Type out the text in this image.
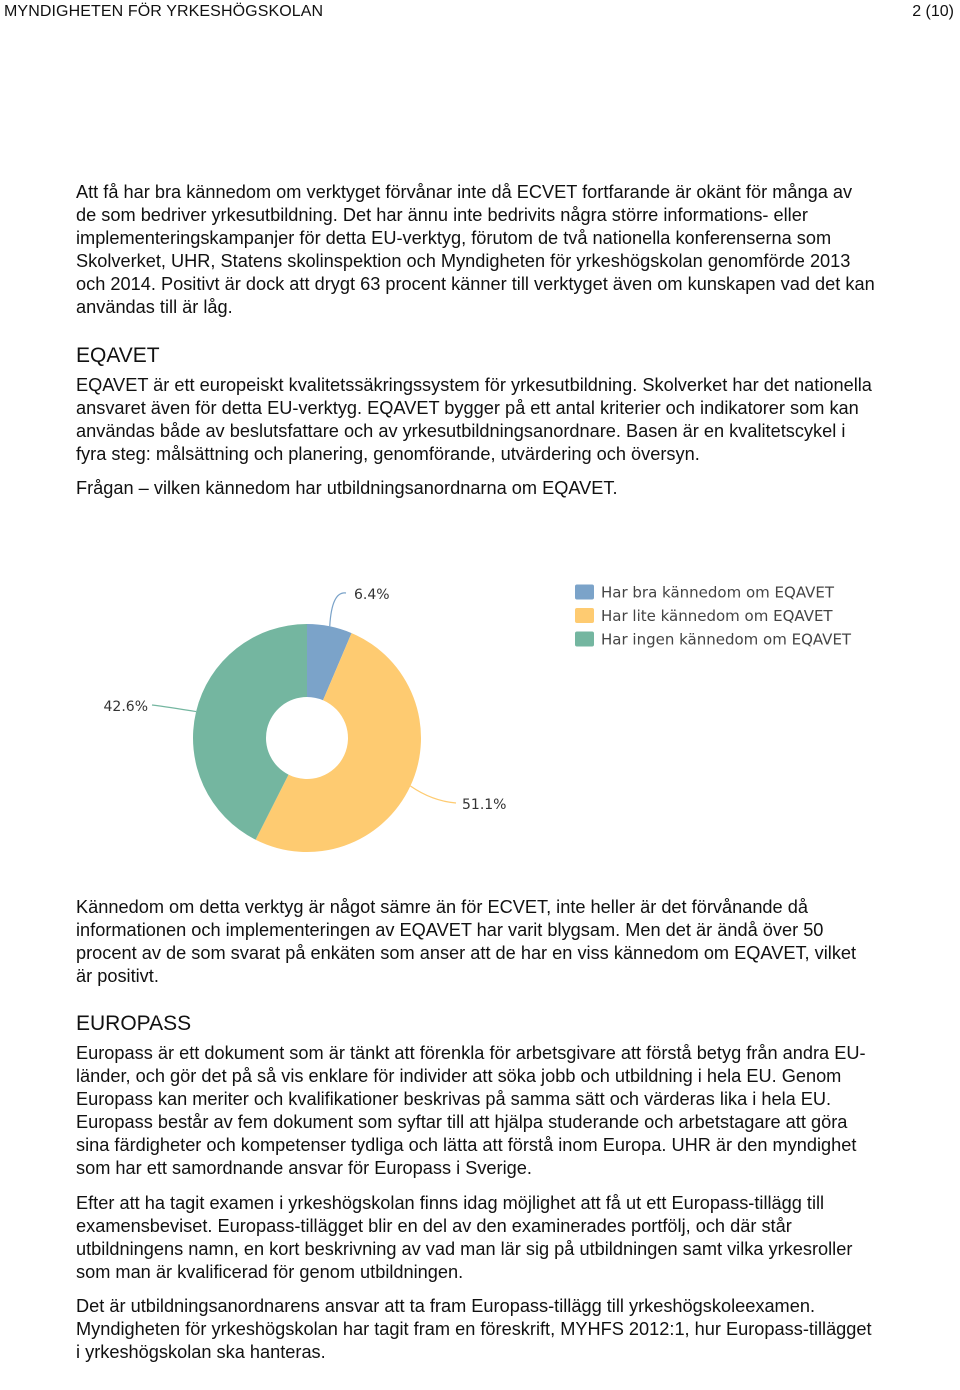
MYNDIGHETEN FÖR YRKESHÖGSKOLAN	2 (10)

Att få har bra kännedom om verktyget förvånar inte då ECVET fortfarande är okänt för många av de som bedriver yrkesutbildning. Det har ännu inte bedrivits några större informations- eller implementeringskampanjer för detta EU-verktyg, förutom de två nationella konferenserna som Skolverket, UHR, Statens skolinspektion och Myndigheten för yrkeshögskolan genomförde 2013 och 2014. Positivt är dock att drygt 63 procent känner till verktyget även om kunskapen vad det kan användas till är låg.

EQAVET

EQAVET är ett europeiskt kvalitetssäkringssystem för yrkesutbildning. Skolverket har det nationella ansvaret även för detta EU-verktyg. EQAVET bygger på ett antal kriterier och indikatorer som kan användas både av beslutsfattare och av yrkesutbildningsanordnare. Basen är en kvalitetscykel i fyra steg: målsättning och planering, genomförande, utvärdering och översyn.

Frågan – vilken kännedom har utbildningsanordnarna om EQAVET.

6.4%
51.1%
42.6%
Har bra kännedom om EQAVET
Har lite kännedom om EQAVET
Har ingen kännedom om EQAVET

Kännedom om detta verktyg är något sämre än för ECVET, inte heller är det förvånande då informationen och implementeringen av EQAVET har varit blygsam. Men det är ändå över 50 procent av de som svarat på enkäten som anser att de har en viss kännedom om EQAVET, vilket är positivt.

EUROPASS

Europass är ett dokument som är tänkt att förenkla för arbetsgivare att förstå betyg från andra EU-länder, och gör det på så vis enklare för individer att söka jobb och utbildning i hela EU. Genom Europass kan meriter och kvalifikationer beskrivas på samma sätt och värderas lika i hela EU. Europass består av fem dokument som syftar till att hjälpa studerande och arbetstagare att göra sina färdigheter och kompetenser tydliga och lätta att förstå inom Europa. UHR är den myndighet som har ett samordnande ansvar för Europass i Sverige.

Efter att ha tagit examen i yrkeshögskolan finns idag möjlighet att få ut ett Europass-tillägg till examensbeviset. Europass-tillägget blir en del av den examinerades portfölj, och där står utbildningens namn, en kort beskrivning av vad man lär sig på utbildningen samt vilka yrkesroller som man är kvalificerad för genom utbildningen.

Det är utbildningsanordnarens ansvar att ta fram Europass-tillägg till yrkeshögskoleexamen. Myndigheten för yrkeshögskolan har tagit fram en föreskrift, MYHFS 2012:1, hur Europass-tillägget i yrkeshögskolan ska hanteras.
